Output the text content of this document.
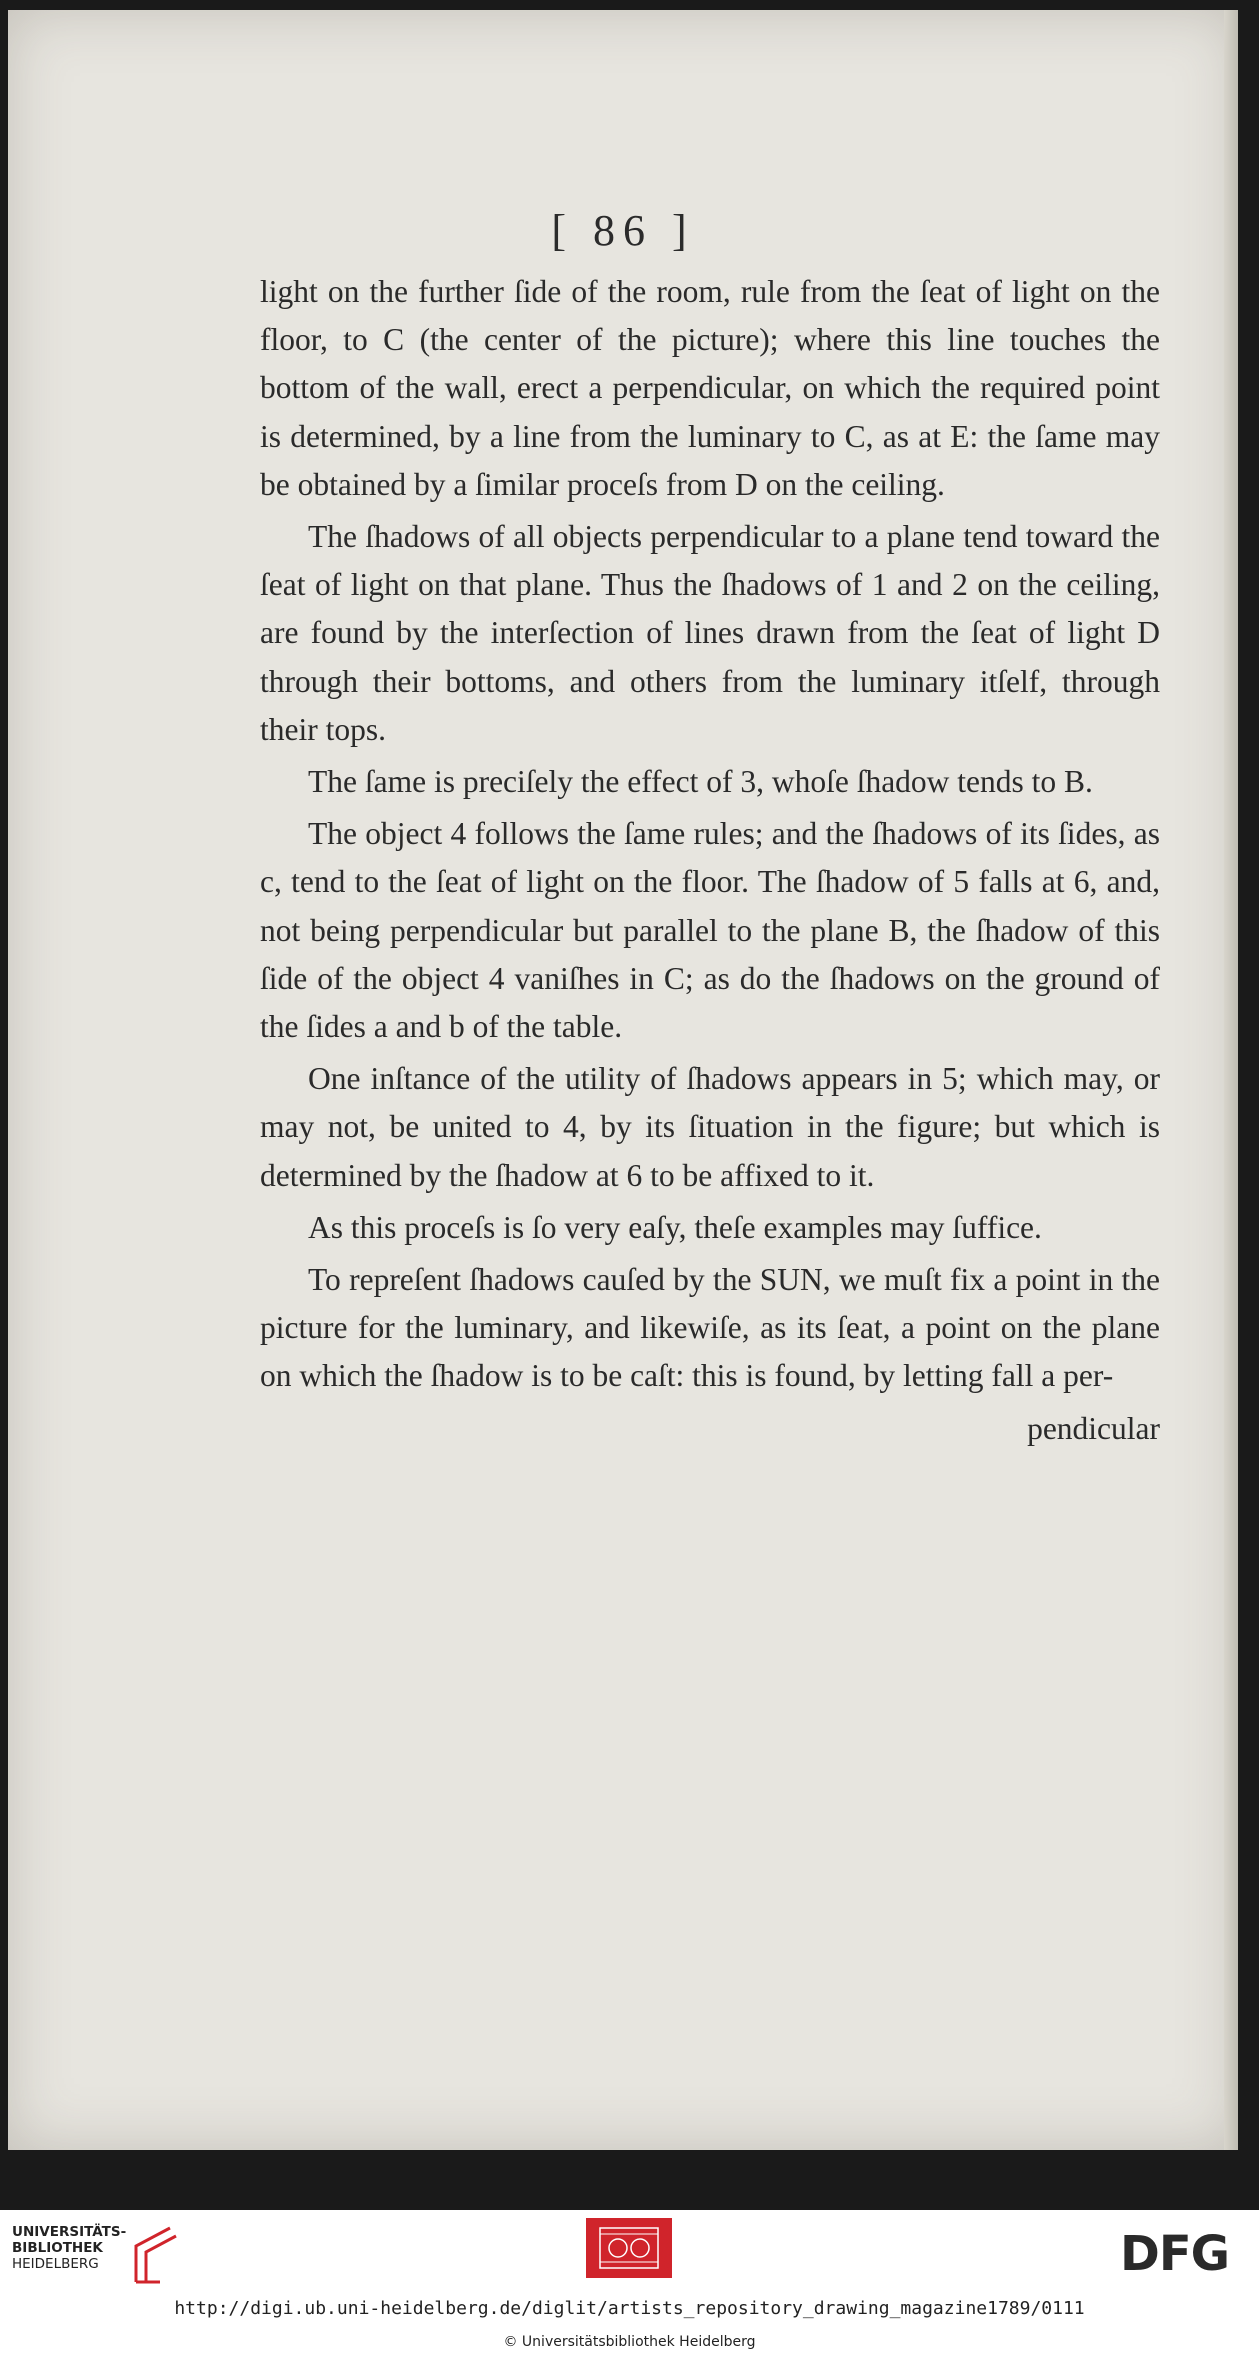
[ 86 ]

light on the further ſide of the room, rule from the ſeat of light on the floor, to C (the center of the picture); where this line touches the bottom of the wall, erect a perpendicular, on which the required point is determined, by a line from the luminary to C, as at E: the ſame may be obtained by a ſimilar proceſs from D on the ceiling.

The ſhadows of all objects perpendicular to a plane tend toward the ſeat of light on that plane. Thus the ſhadows of 1 and 2 on the ceiling, are found by the interſection of lines drawn from the ſeat of light D through their bottoms, and others from the luminary itſelf, through their tops.

The ſame is preciſely the effect of 3, whoſe ſhadow tends to B.

The object 4 follows the ſame rules; and the ſhadows of its ſides, as c, tend to the ſeat of light on the floor. The ſhadow of 5 falls at 6, and, not being perpendicular but parallel to the plane B, the ſhadow of this ſide of the object 4 vaniſhes in C; as do the ſhadows on the ground of the ſides a and b of the table.

One inſtance of the utility of ſhadows appears in 5; which may, or may not, be united to 4, by its ſituation in the figure; but which is determined by the ſhadow at 6 to be affixed to it.

As this proceſs is ſo very eaſy, theſe examples may ſuffice.

To repreſent ſhadows cauſed by the SUN, we muſt fix a point in the picture for the luminary, and likewiſe, as its ſeat, a point on the plane on which the ſhadow is to be caſt: this is found, by letting fall a per-

pendicular

UNIVERSITÄTS-
BIBLIOTHEK
HEIDELBERG	DFG
http://digi.ub.uni-heidelberg.de/diglit/artists_repository_drawing_magazine1789/0111
© Universitätsbibliothek Heidelberg
